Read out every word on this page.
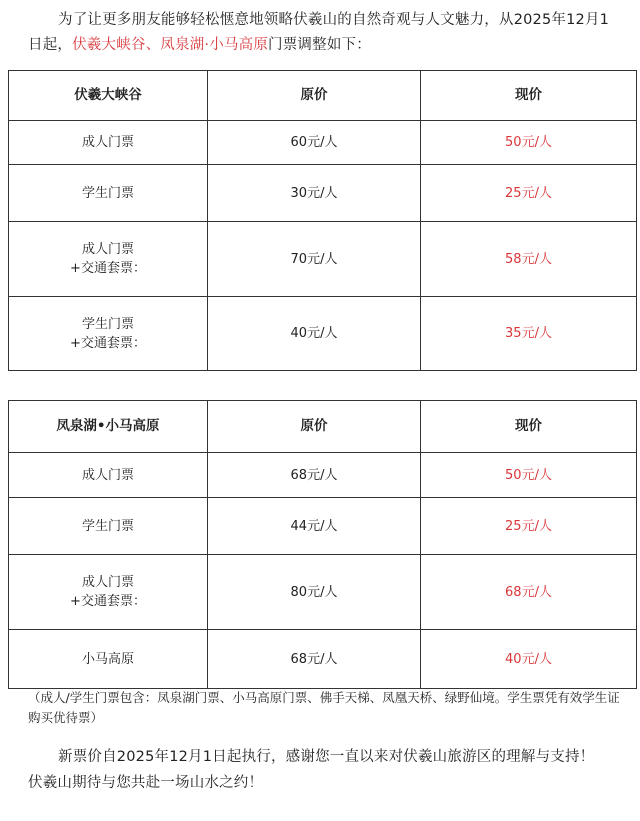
为了让更多朋友能够轻松惬意地领略伏羲山的自然奇观与人文魅力，从2025年12月1
日起，伏羲大峡谷、凤泉湖·小马高原门票调整如下：
伏羲大峡谷	原价	现价

成人门票	60元/人	50元/人

学生门票	30元/人	25元/人

成人门票
+交通套票：	70元/人	58元/人

学生门票
+交通套票：	40元/人	35元/人
凤泉湖•小马高原	原价	现价

成人门票	68元/人	50元/人

学生门票	44元/人	25元/人

成人门票
+交通套票：	80元/人	68元/人

小马高原	68元/人	40元/人
（成人/学生门票包含：凤泉湖门票、小马高原门票、佛手天梯、凤凰天桥、绿野仙境。学生票凭有效学生证购买优待票）
新票价自2025年12月1日起执行，感谢您一直以来对伏羲山旅游区的理解与支持！
伏羲山期待与您共赴一场山水之约！
